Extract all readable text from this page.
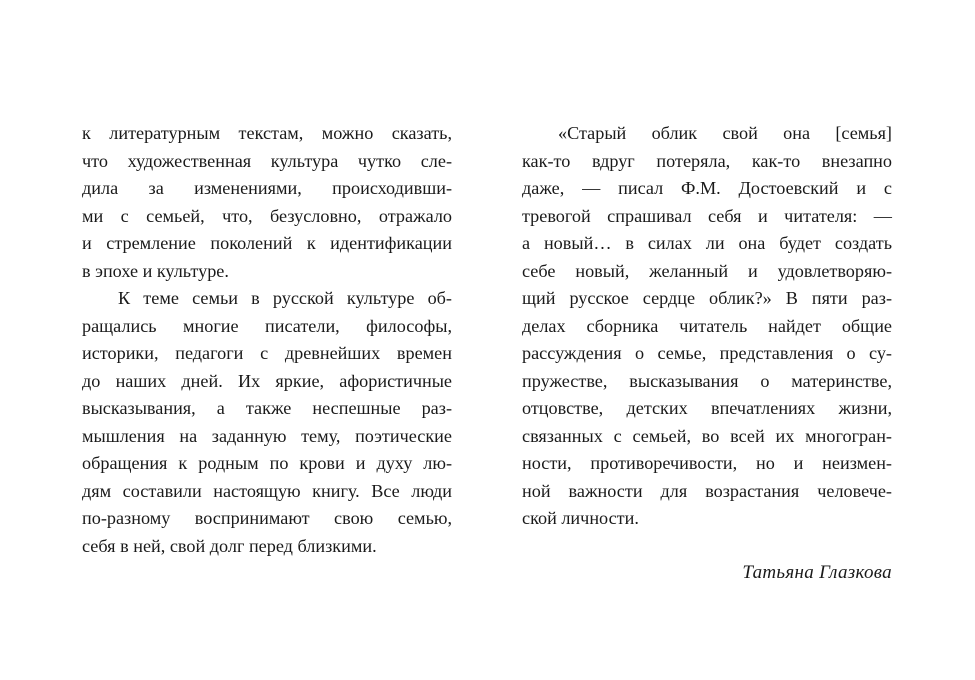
к литературным текстам, можно сказать,
что художественная культура чутко сле-
дила за изменениями, происходивши-
ми с семьей, что, безусловно, отражало
и стремление поколений к идентификации
в эпохе и культуре.
К теме семьи в русской культуре об-
ращались многие писатели, философы,
историки, педагоги с древнейших времен
до наших дней. Их яркие, афористичные
высказывания, а также неспешные раз-
мышления на заданную тему, поэтические
обращения к родным по крови и духу лю-
дям составили настоящую книгу. Все люди
по-разному воспринимают свою семью,
себя в ней, свой долг перед близкими.
«Старый облик свой она [семья]
как-то вдруг потеряла, как-то внезапно
даже, — писал Ф.М. Достоевский и с
тревогой спрашивал себя и читателя: —
а новый… в силах ли она будет создать
себе новый, желанный и удовлетворяю-
щий русское сердце облик?» В пяти раз-
делах сборника читатель найдет общие
рассуждения о семье, представления о су-
пружестве, высказывания о материнстве,
отцовстве, детских впечатлениях жизни,
связанных с семьей, во всей их многогран-
ности, противоречивости, но и неизмен-
ной важности для возрастания человече-
ской личности.
Татьяна Глазкова
